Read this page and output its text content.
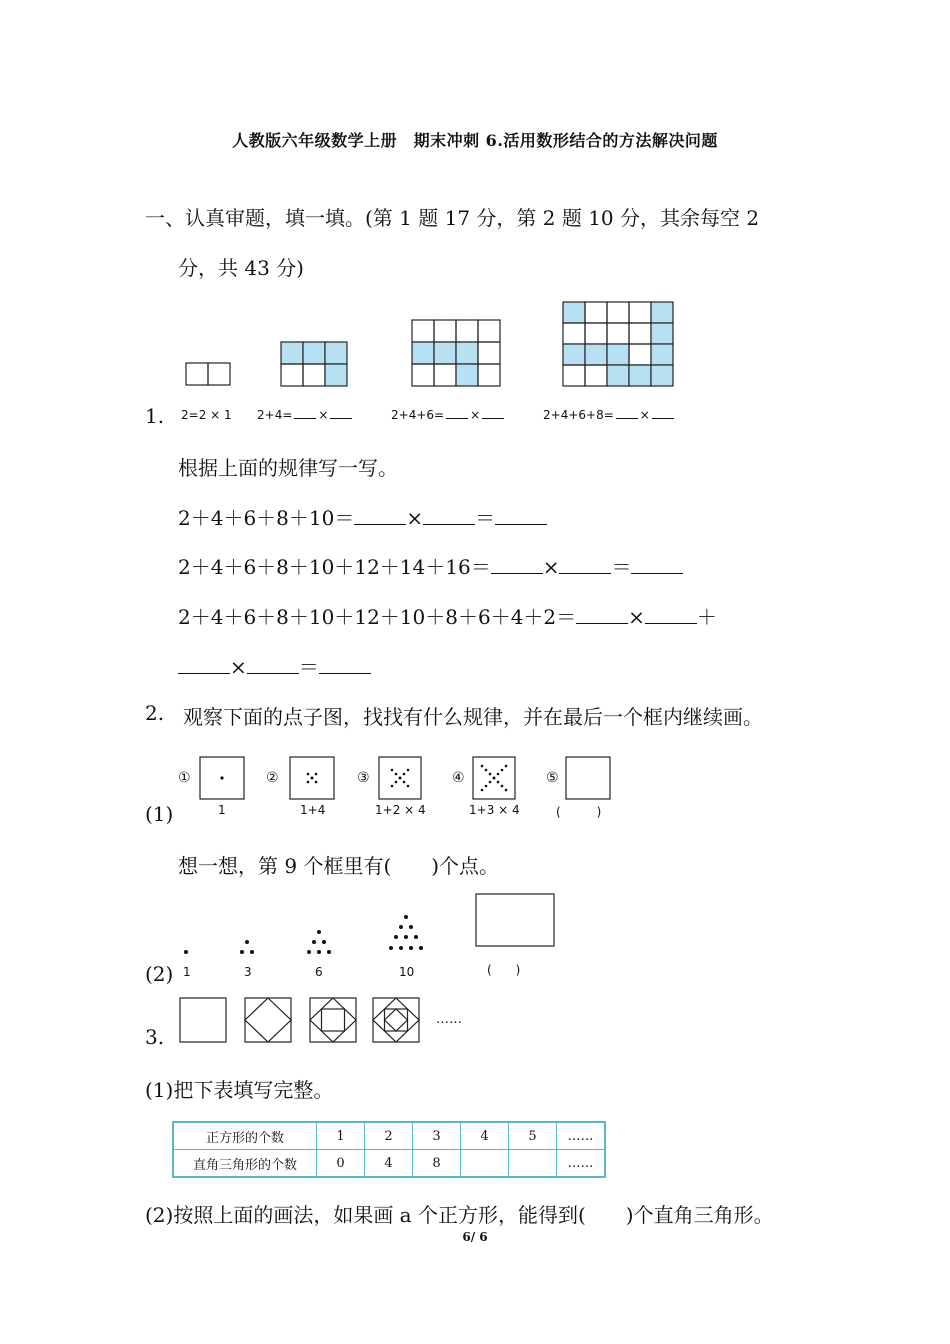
人教版六年级数学上册　期末冲刺 6.活用数形结合的方法解决问题
一、认真审题，填一填。(第 1 题 17 分，第 2 题 10 分，其余每空 2
分，共 43 分)
1. 2=2 × 1 2+4= ×	2+4+6= ×	2+4+6+8= ×
根据上面的规律写一写。
2＋4＋6＋8＋10＝	×	＝
2＋4＋6＋8＋10＋12＋14＋16＝	×	＝
2＋4＋6＋8＋10＋12＋10＋8＋6＋4＋2＝	×	＋
×	＝
2. 观察下面的点子图，找找有什么规律，并在最后一个框内继续画。
①	②	③	④	⑤
(1)	1	1+4	1+2 × 4	1+3 × 4	(　　　)
想一想，第 9 个框里有(　　)个点。
(2) 1	3	6	10	(　　)
……
3.
(1)把下表填写完整。
正方形的个数	1	2	3	4	5	……
直角三角形的个数	0	4	8			……
(2)按照上面的画法，如果画 a 个正方形，能得到(　　)个直角三角形。
6/ 6
